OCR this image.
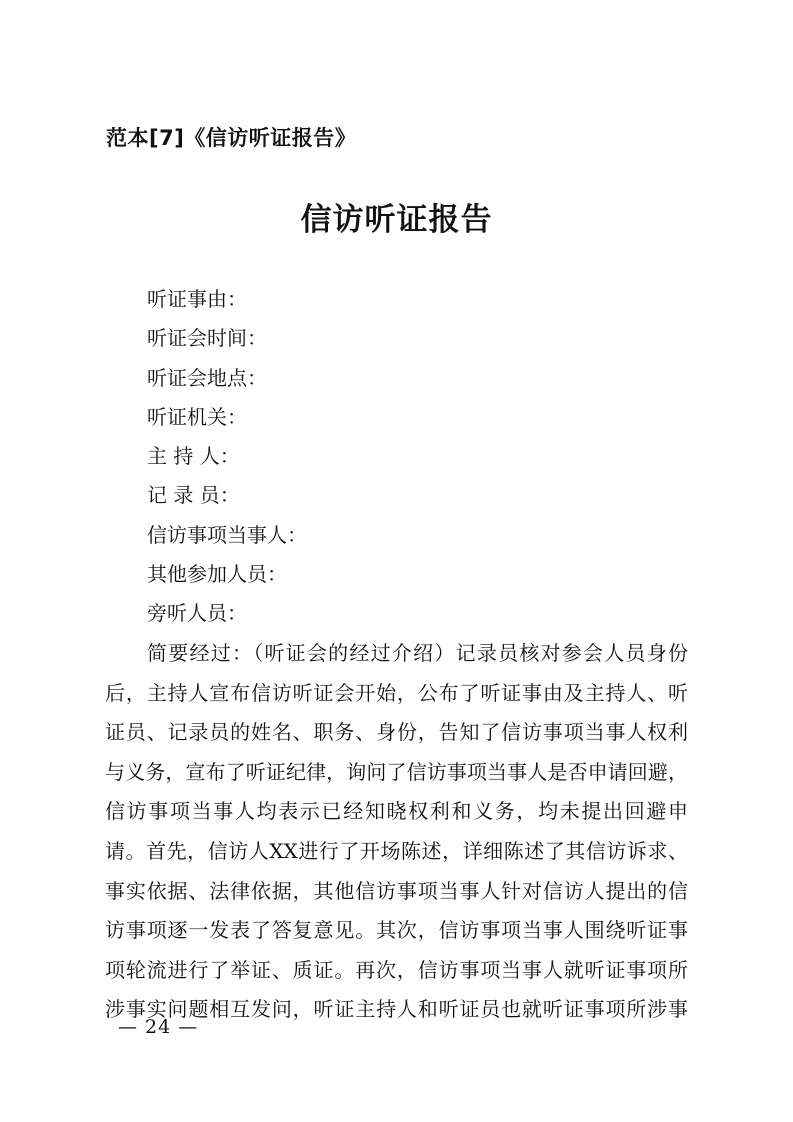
范本[7]《信访听证报告》
信访听证报告
听证事由：
听证会时间：
听证会地点：
听证机关：
主 持 人：
记 录 员：
信访事项当事人：
其他参加人员：
旁听人员：
简要经过：（听证会的经过介绍）记录员核对参会人员身份
后，主持人宣布信访听证会开始，公布了听证事由及主持人、听
证员、记录员的姓名、职务、身份，告知了信访事项当事人权利
与义务，宣布了听证纪律，询问了信访事项当事人是否申请回避，
信访事项当事人均表示已经知晓权利和义务，均未提出回避申
请。首先，信访人XX进行了开场陈述，详细陈述了其信访诉求、
事实依据、法律依据，其他信访事项当事人针对信访人提出的信
访事项逐一发表了答复意见。其次，信访事项当事人围绕听证事
项轮流进行了举证、质证。再次，信访事项当事人就听证事项所
涉事实问题相互发问，听证主持人和听证员也就听证事项所涉事
— 24 —
